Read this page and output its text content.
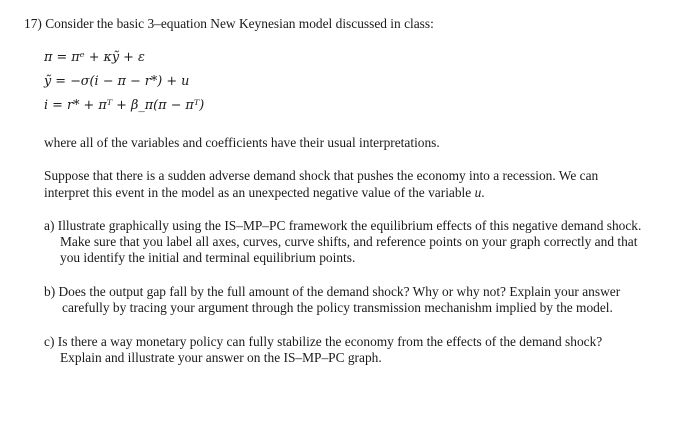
17) Consider the basic 3–equation New Keynesian model discussed in class:
π = πᵉ + κỹ + ε
ỹ = −σ(i − π − r*) + u
i = r* + πᵀ + β_π(π − πᵀ)
where all of the variables and coefficients have their usual interpretations.
Suppose that there is a sudden adverse demand shock that pushes the economy into a recession. We can
interpret this event in the model as an unexpected negative value of the variable u.
a) Illustrate graphically using the IS–MP–PC framework the equilibrium effects of this negative demand shock.
Make sure that you label all axes, curves, curve shifts, and reference points on your graph correctly and that
you identify the initial and terminal equilibrium points.
b) Does the output gap fall by the full amount of the demand shock? Why or why not? Explain your answer
carefully by tracing your argument through the policy transmission mechanishm implied by the model.
c) Is there a way monetary policy can fully stabilize the economy from the effects of the demand shock?
Explain and illustrate your answer on the IS–MP–PC graph.
